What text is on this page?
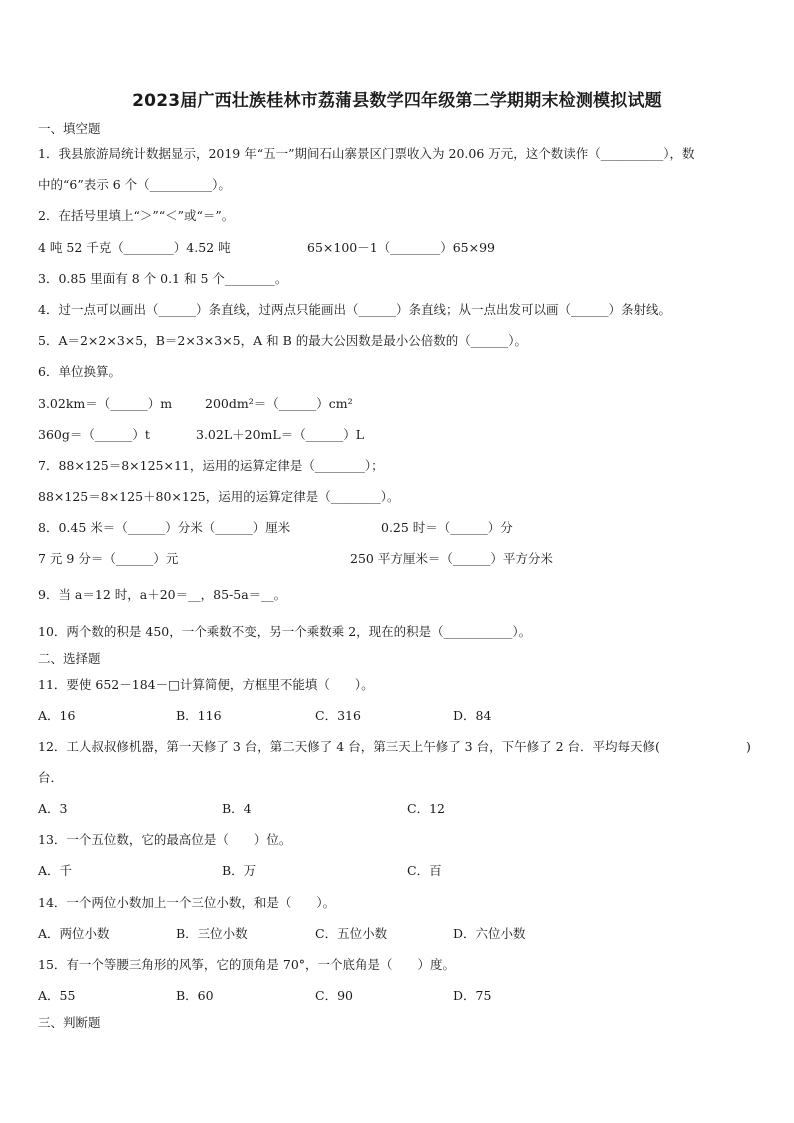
2023届广西壮族桂林市荔蒲县数学四年级第二学期期末检测模拟试题
一、填空题
1．我县旅游局统计数据显示，2019 年“五一”期间石山寨景区门票收入为 20.06 万元，这个数读作（__________），数
中的“6”表示 6 个（__________）。
2．在括号里填上“＞”“＜”或“＝”。
4 吨 52 千克（________）4.52 吨	65×100－1（________）65×99
3．0.85 里面有 8 个 0.1 和 5 个________。
4．过一点可以画出（______）条直线，过两点只能画出（______）条直线；从一点出发可以画（______）条射线。
5．A＝2×2×3×5，B＝2×3×3×5，A 和 B 的最大公因数是最小公倍数的（______）。
6．单位换算。
3.02km＝（______）m	200dm²＝（______）cm²
360g＝（______）t	3.02L＋20mL＝（______）L
7．88×125＝8×125×11，运用的运算定律是（________）；
88×125＝8×125＋80×125，运用的运算定律是（________）。
8．0.45 米＝（______）分米（______）厘米	0.25 时＝（______）分
7 元 9 分＝（______）元	250 平方厘米＝（______）平方分米
9．当 a＝12 时，a＋20＝__，85-5a＝__。
10．两个数的积是 450，一个乘数不变，另一个乘数乘 2，现在的积是（___________）。
二、选择题
11．要使 652－184－□计算简便，方框里不能填（　　）。
A．16	B．116	C．316	D．84
12．工人叔叔修机器，第一天修了 3 台，第二天修了 4 台，第三天上午修了 3 台，下午修了 2 台．平均每天修(	)
台．
A．3	B．4	C．12
13．一个五位数，它的最高位是（　　）位。
A．千	B．万	C．百
14．一个两位小数加上一个三位小数，和是（　　）。
A．两位小数	B．三位小数	C．五位小数	D．六位小数
15．有一个等腰三角形的风筝，它的顶角是 70°，一个底角是（　　）度。
A．55	B．60	C．90	D．75
三、判断题
